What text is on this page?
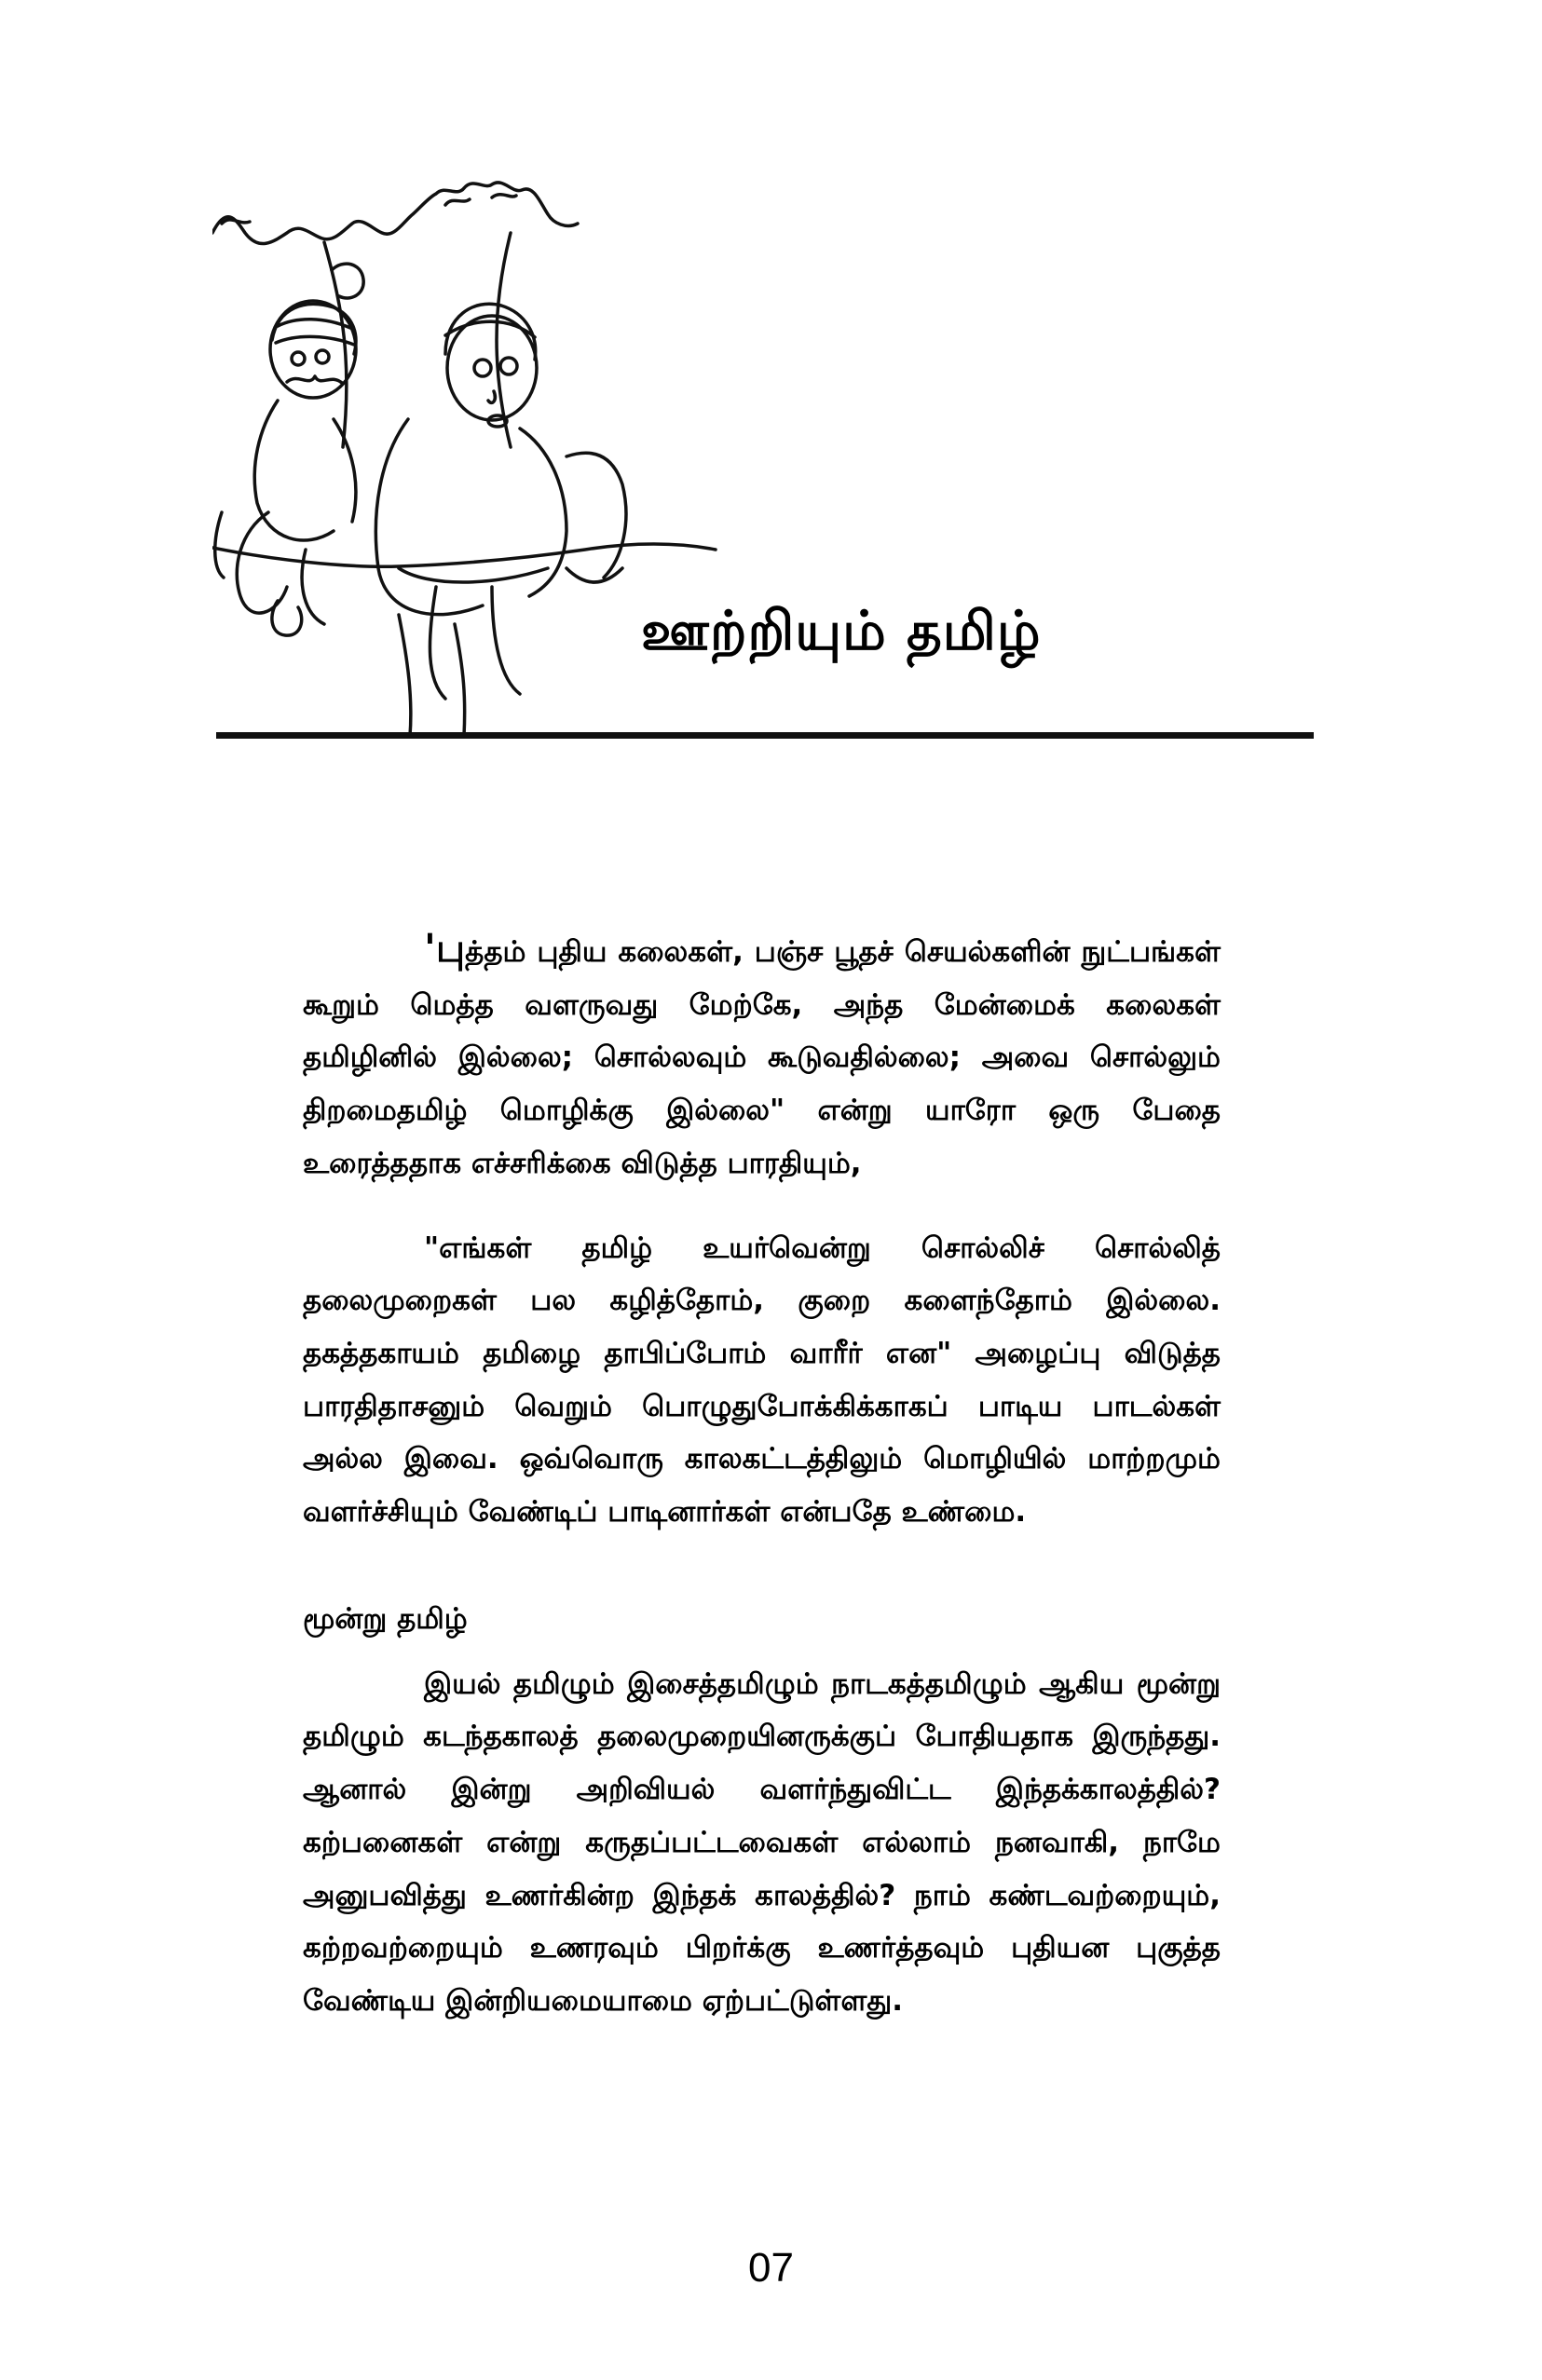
ஊற்றியும் தமிழ்

'புத்தம் புதிய கலைகள், பஞ்ச பூதச் செயல்களின் நுட்பங்கள் கூறும் மெத்த வளருவது மேற்கே, அந்த மேன்மைக் கலைகள் தமிழினில் இல்லை; சொல்லவும் கூடுவதில்லை; அவை சொல்லும் திறமைதமிழ் மொழிக்கு இல்லை" என்று யாரோ ஒரு பேதை உரைத்ததாக எச்சரிக்கை விடுத்த பாரதியும்,

"எங்கள் தமிழ் உயர்வென்று சொல்லிச் சொல்லித் தலைமுறைகள் பல கழித்தோம், குறை களைந்தோம் இல்லை. தகத்தகாயம் தமிழை தாபிப்போம் வாரீர் என" அழைப்பு விடுத்த பாரதிதாசனும் வெறும் பொழுதுபோக்கிக்காகப் பாடிய பாடல்கள் அல்ல இவை. ஒவ்வொரு காலகட்டத்திலும் மொழியில் மாற்றமும் வளர்ச்சியும் வேண்டிப் பாடினார்கள் என்பதே உண்மை.

மூன்று தமிழ்

இயல் தமிழும் இசைத்தமிழும் நாடகத்தமிழும் ஆகிய மூன்று தமிழும் கடந்தகாலத் தலைமுறையினருக்குப் போதியதாக இருந்தது. ஆனால் இன்று அறிவியல் வளர்ந்துவிட்ட இந்தக்காலத்தில்? கற்பனைகள் என்று கருதப்பட்டவைகள் எல்லாம் நனவாகி, நாமே அனுபவித்து உணர்கின்ற இந்தக் காலத்தில்? நாம் கண்டவற்றையும், கற்றவற்றையும் உணரவும் பிறர்க்கு உணர்த்தவும் புதியன புகுத்த வேண்டிய இன்றியமையாமை ஏற்பட்டுள்ளது.

07
